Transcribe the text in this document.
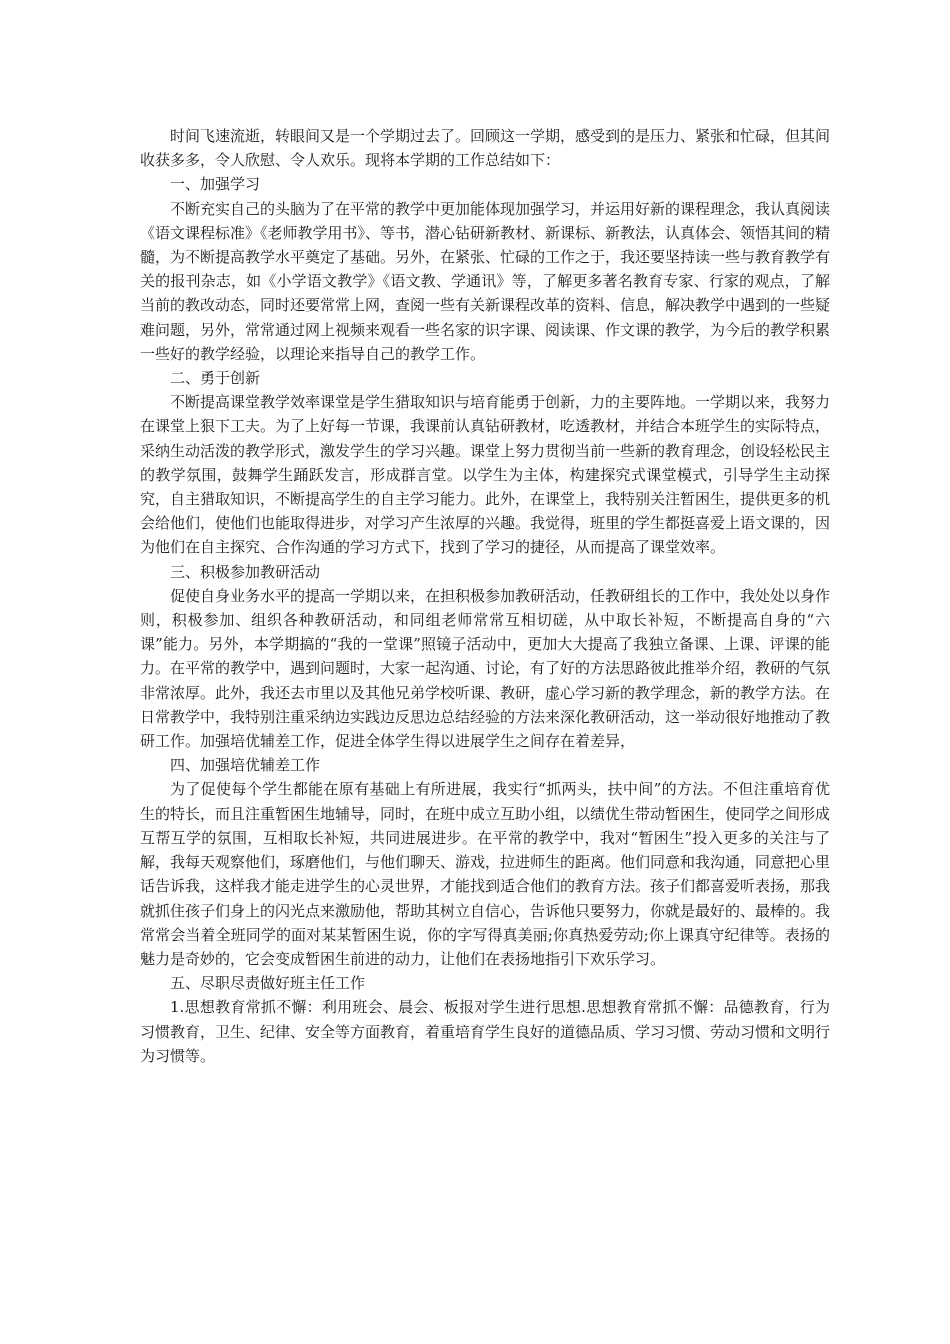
时间飞速流逝，转眼间又是一个学期过去了。回顾这一学期，感受到的是压力、紧张和忙碌，但其间收获多多，令人欣慰、令人欢乐。现将本学期的工作总结如下：

一、加强学习

不断充实自己的头脑为了在平常的教学中更加能体现加强学习，并运用好新的课程理念，我认真阅读《语文课程标准》《老师教学用书》、等书，潜心钻研新教材、新课标、新教法，认真体会、领悟其间的精髓，为不断提高教学水平奠定了基础。另外，在紧张、忙碌的工作之于，我还要坚持读一些与教育教学有关的报刊杂志，如《小学语文教学》《语文教、学通讯》等，了解更多著名教育专家、行家的观点，了解当前的教改动态，同时还要常常上网，查阅一些有关新课程改革的资料、信息，解决教学中遇到的一些疑难问题，另外，常常通过网上视频来观看一些名家的识字课、阅读课、作文课的教学，为今后的教学积累一些好的教学经验，以理论来指导自己的教学工作。

二、勇于创新

不断提高课堂教学效率课堂是学生猎取知识与培育能勇于创新，力的主要阵地。一学期以来，我努力在课堂上狠下工夫。为了上好每一节课，我课前认真钻研教材，吃透教材，并结合本班学生的实际特点，采纳生动活泼的教学形式，激发学生的学习兴趣。课堂上努力贯彻当前一些新的教育理念，创设轻松民主的教学氛围，鼓舞学生踊跃发言，形成群言堂。以学生为主体，构建探究式课堂模式，引导学生主动探究，自主猎取知识，不断提高学生的自主学习能力。此外，在课堂上，我特别关注暂困生，提供更多的机会给他们，使他们也能取得进步，对学习产生浓厚的兴趣。我觉得，班里的学生都挺喜爱上语文课的，因为他们在自主探究、合作沟通的学习方式下，找到了学习的捷径，从而提高了课堂效率。

三、积极参加教研活动

促使自身业务水平的提高一学期以来，在担积极参加教研活动，任教研组长的工作中，我处处以身作则，积极参加、组织各种教研活动，和同组老师常常互相切磋，从中取长补短，不断提高自身的“六课”能力。另外，本学期搞的“我的一堂课”照镜子活动中，更加大大提高了我独立备课、上课、评课的能力。在平常的教学中，遇到问题时，大家一起沟通、讨论，有了好的方法思路彼此推举介绍，教研的气氛非常浓厚。此外，我还去市里以及其他兄弟学校听课、教研，虚心学习新的教学理念，新的教学方法。在日常教学中，我特别注重采纳边实践边反思边总结经验的方法来深化教研活动，这一举动很好地推动了教研工作。加强培优辅差工作，促进全体学生得以进展学生之间存在着差异，

四、加强培优辅差工作

为了促使每个学生都能在原有基础上有所进展，我实行“抓两头，扶中间”的方法。不但注重培育优生的特长，而且注重暂困生地辅导，同时，在班中成立互助小组，以绩优生带动暂困生，使同学之间形成互帮互学的氛围，互相取长补短，共同进展进步。在平常的教学中，我对“暂困生”投入更多的关注与了解，我每天观察他们，琢磨他们，与他们聊天、游戏，拉进师生的距离。他们同意和我沟通，同意把心里话告诉我，这样我才能走进学生的心灵世界，才能找到适合他们的教育方法。孩子们都喜爱听表扬，那我就抓住孩子们身上的闪光点来激励他，帮助其树立自信心，告诉他只要努力，你就是最好的、最棒的。我常常会当着全班同学的面对某某暂困生说，你的字写得真美丽;你真热爱劳动;你上课真守纪律等。表扬的魅力是奇妙的，它会变成暂困生前进的动力，让他们在表扬地指引下欢乐学习。

五、尽职尽责做好班主任工作

1.思想教育常抓不懈：利用班会、晨会、板报对学生进行思想.思想教育常抓不懈：品德教育，行为习惯教育，卫生、纪律、安全等方面教育，着重培育学生良好的道德品质、学习习惯、劳动习惯和文明行为习惯等。
